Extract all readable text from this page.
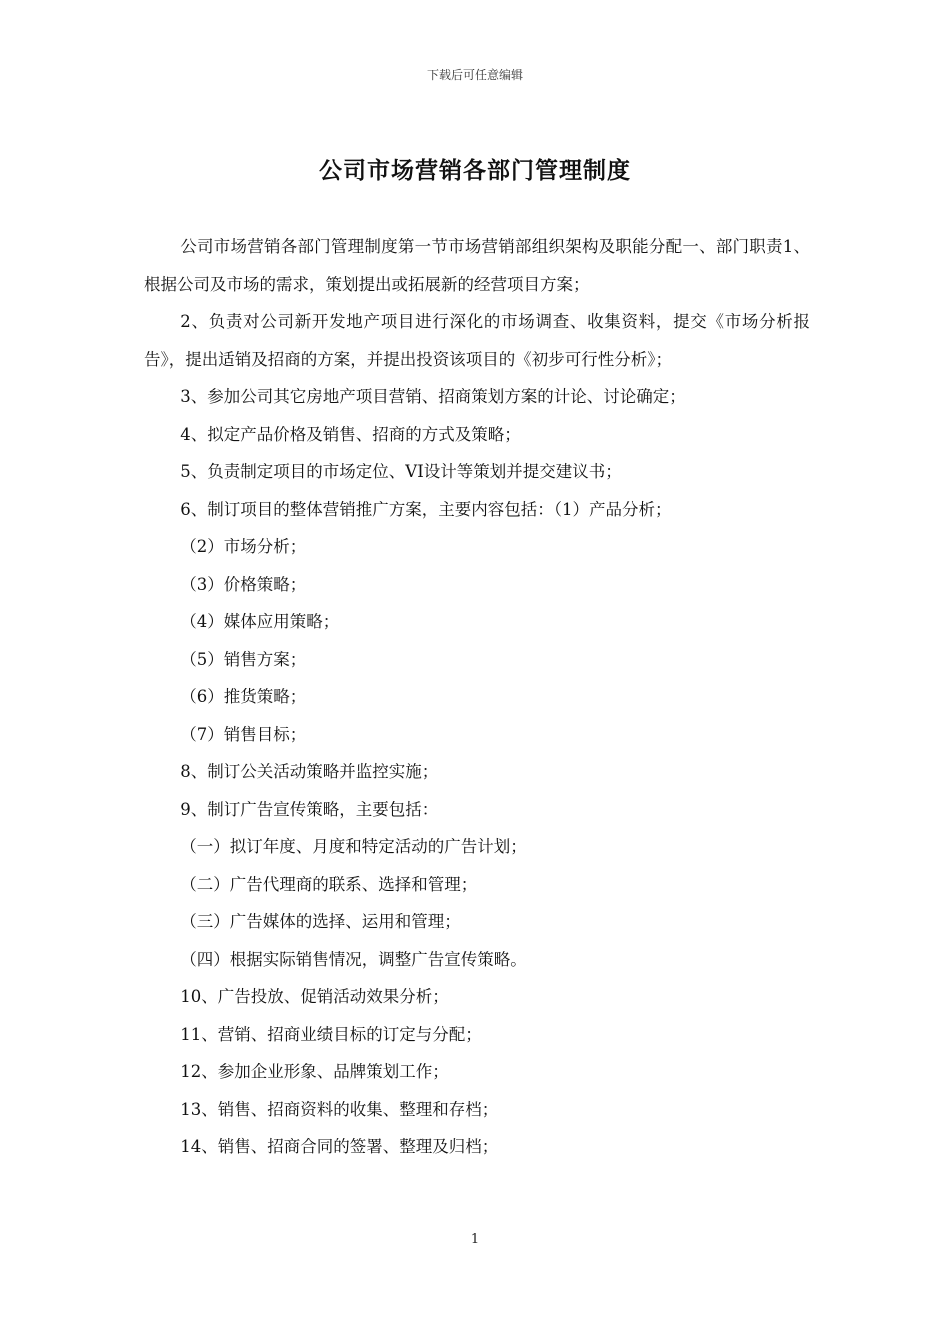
下载后可任意编辑
公司市场营销各部门管理制度

公司市场营销各部门管理制度第一节市场营销部组织架构及职能分配一、部门职责1、根据公司及市场的需求，策划提出或拓展新的经营项目方案；

2、负责对公司新开发地产项目进行深化的市场调查、收集资料，提交《市场分析报告》，提出适销及招商的方案，并提出投资该项目的《初步可行性分析》；

3、参加公司其它房地产项目营销、招商策划方案的计论、讨论确定；

4、拟定产品价格及销售、招商的方式及策略；

5、负责制定项目的市场定位、VI设计等策划并提交建议书；

6、制订项目的整体营销推广方案，主要内容包括：（1）产品分析；

（2）市场分析；

（3）价格策略；

（4）媒体应用策略；

（5）销售方案；

（6）推货策略；

（7）销售目标；

8、制订公关活动策略并监控实施；

9、制订广告宣传策略，主要包括：

（一）拟订年度、月度和特定活动的广告计划；

（二）广告代理商的联系、选择和管理；

（三）广告媒体的选择、运用和管理；

（四）根据实际销售情况，调整广告宣传策略。

10、广告投放、促销活动效果分析；

11、营销、招商业绩目标的订定与分配；

12、参加企业形象、品牌策划工作；

13、销售、招商资料的收集、整理和存档；

14、销售、招商合同的签署、整理及归档；

1
